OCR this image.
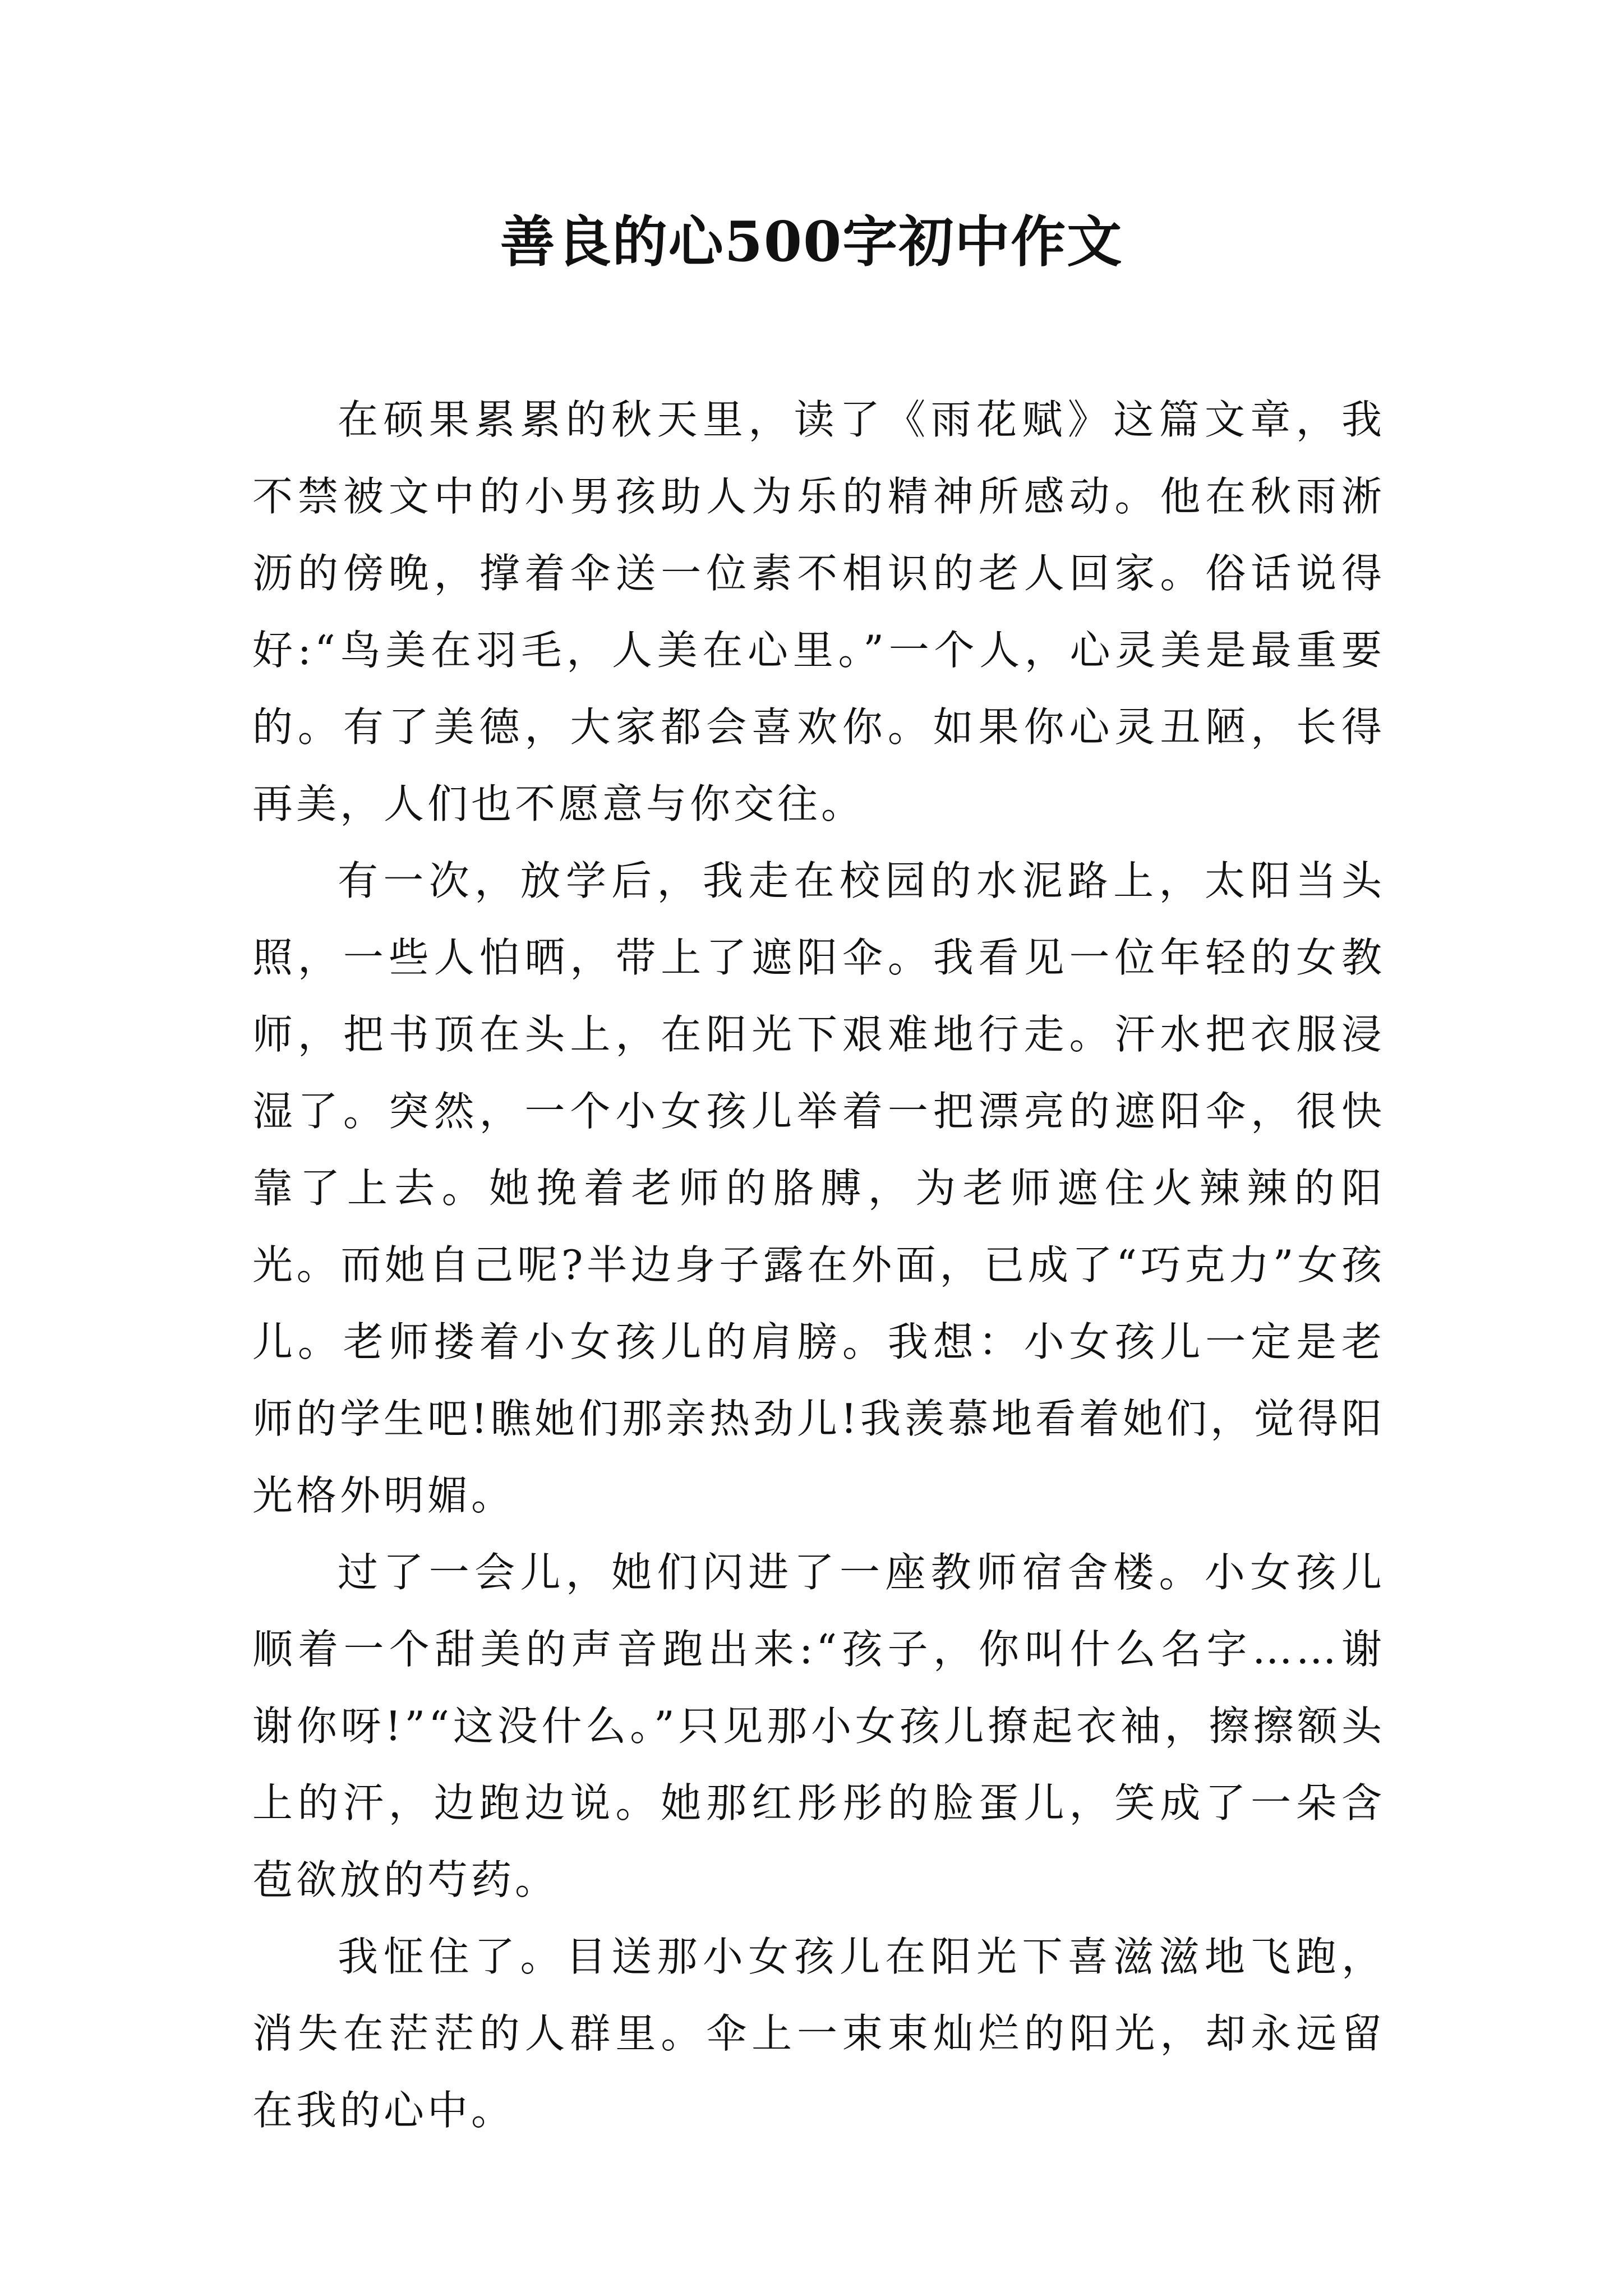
善良的心500字初中作文

在硕果累累的秋天里，读了《雨花赋》这篇文章，我不禁被文中的小男孩助人为乐的精神所感动。他在秋雨淅沥的傍晚，撑着伞送一位素不相识的老人回家。俗话说得好:“鸟美在羽毛，人美在心里。”一个人，心灵美是最重要的。有了美德，大家都会喜欢你。如果你心灵丑陋，长得再美，人们也不愿意与你交往。

有一次，放学后，我走在校园的水泥路上，太阳当头照，一些人怕晒，带上了遮阳伞。我看见一位年轻的女教师，把书顶在头上，在阳光下艰难地行走。汗水把衣服浸湿了。突然，一个小女孩儿举着一把漂亮的遮阳伞，很快靠了上去。她挽着老师的胳膊，为老师遮住火辣辣的阳光。而她自己呢?半边身子露在外面，已成了“巧克力”女孩儿。老师搂着小女孩儿的肩膀。我想：小女孩儿一定是老师的学生吧!瞧她们那亲热劲儿!我羡慕地看着她们，觉得阳光格外明媚。

过了一会儿，她们闪进了一座教师宿舍楼。小女孩儿顺着一个甜美的声音跑出来:“孩子，你叫什么名字……谢谢你呀!”“这没什么。”只见那小女孩儿撩起衣袖，擦擦额头上的汗，边跑边说。她那红彤彤的脸蛋儿，笑成了一朵含苞欲放的芍药。

我怔住了。目送那小女孩儿在阳光下喜滋滋地飞跑，消失在茫茫的人群里。伞上一束束灿烂的阳光，却永远留在我的心中。
